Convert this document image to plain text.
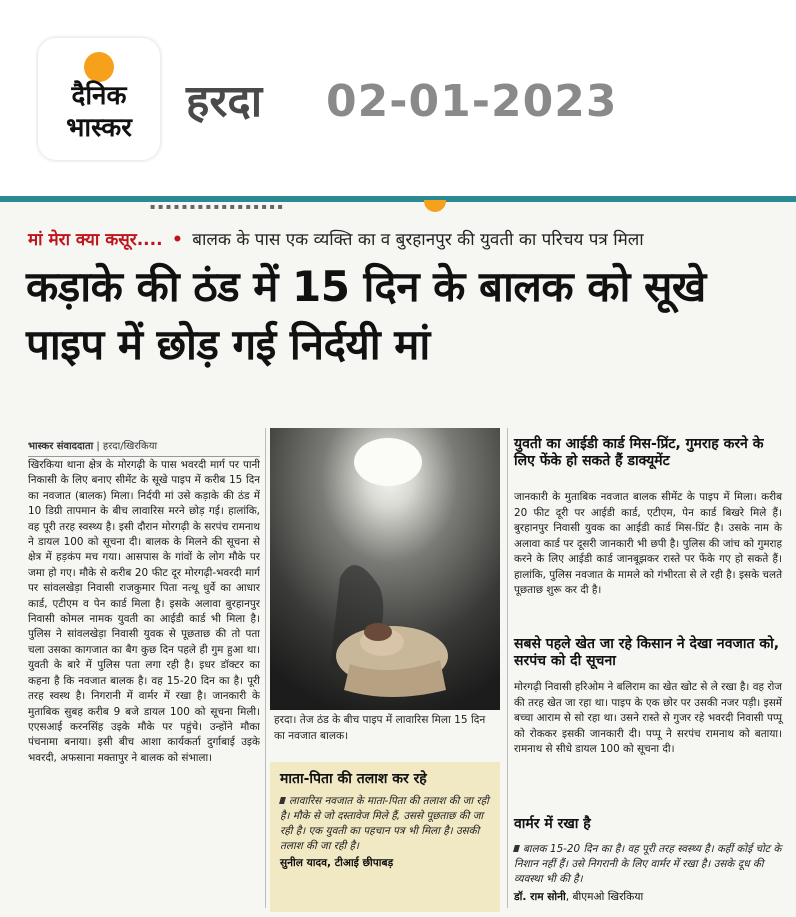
दैनिक
भास्कर
हरदा 02-01-2023
▪ ▪ ▪ ▪ ▪ ▪ ▪ ▪ ▪ ▪ ▪ ▪ ▪ ▪ ▪ ▪ ▪
मां मेरा क्या कसूर.... • बालक के पास एक व्यक्ति का व बुरहानपुर की युवती का परिचय पत्र मिला
कड़ाके की ठंड में 15 दिन के बालक को सूखे पाइप में छोड़ गई निर्दयी मां
भास्कर संवाददाता | हरदा/खिरकिया
खिरकिया थाना क्षेत्र के मोरगढ़ी के पास भवरदी मार्ग पर पानी निकासी के लिए बनाए सीमेंट के सूखे पाइप में करीब 15 दिन का नवजात (बालक) मिला। निर्दयी मां उसे कड़ाके की ठंड में 10 डिग्री तापमान के बीच लावारिस मरने छोड़ गई। हालांकि, वह पूरी तरह स्वस्थ्य है। इसी दौरान मोरगढ़ी के सरपंच रामनाथ ने डायल 100 को सूचना दी। बालक के मिलने की सूचना से क्षेत्र में हड़कंप मच गया। आसपास के गांवों के लोग मौके पर जमा हो गए। मौके से करीब 20 फीट दूर मोरगढ़ी-भवरदी मार्ग पर सांवलखेड़ा निवासी राजकुमार पिता नत्थू धुर्वे का आधार कार्ड, एटीएम व पेन कार्ड मिला है। इसके अलावा बुरहानपुर निवासी कोमल नामक युवती का आईडी कार्ड भी मिला है। पुलिस ने सांवलखेड़ा निवासी युवक से पूछताछ की तो पता चला उसका कागजात का बैग कुछ दिन पहले ही गुम हुआ था। युवती के बारे में पुलिस पता लगा रही है। इधर डॉक्टर का कहना है कि नवजात बालक है। वह 15-20 दिन का है। पूरी तरह स्वस्थ है। निगरानी में वार्मर में रखा है। जानकारी के मुताबिक सुबह करीब 9 बजे डायल 100 को सूचना मिली। एएसआई करनसिंह उइके मौके पर पहुंचे। उन्होंने मौका पंचनामा बनाया। इसी बीच आशा कार्यकर्ता दुर्गाबाई उइके भवरदी, अफसाना मक्तापुर ने बालक को संभाला।
हरदा। तेज ठंड के बीच पाइप में लावारिस मिला 15 दिन का नवजात बालक।
माता-पिता की तलाश कर रहे
लावारिस नवजात के माता-पिता की तलाश की जा रही है। मौके से जो दस्तावेज मिले हैं, उससे पूछताछ की जा रही है। एक युवती का पहचान पत्र भी मिला है। उसकी तलाश की जा रही है।
सुनील यादव, टीआई छीपाबड़
युवती का आईडी कार्ड मिस-प्रिंट, गुमराह करने के लिए फेंके हो सकते हैं डाक्यूमेंट
जानकारी के मुताबिक नवजात बालक सीमेंट के पाइप में मिला। करीब 20 फीट दूरी पर आईडी कार्ड, एटीएम, पेन कार्ड बिखरे मिले हैं। बुरहानपुर निवासी युवक का आईडी कार्ड मिस-प्रिंट है। उसके नाम के अलावा कार्ड पर दूसरी जानकारी भी छपी है। पुलिस की जांच को गुमराह करने के लिए आईडी कार्ड जानबूझकर रास्ते पर फेंके गए हो सकते हैं। हालांकि, पुलिस नवजात के मामले को गंभीरता से ले रही है। इसके चलते पूछताछ शुरू कर दी है।
सबसे पहले खेत जा रहे किसान ने देखा नवजात को, सरपंच को दी सूचना
मोरगढ़ी निवासी हरिओम ने बलिराम का खेत खोट से ले रखा है। वह रोज की तरह खेत जा रहा था। पाइप के एक छोर पर उसकी नजर पड़ी। इसमें बच्चा आराम से सो रहा था। उसने रास्ते से गुजर रहे भवरदी निवासी पप्पू को रोककर इसकी जानकारी दी। पप्पू ने सरपंच रामनाथ को बताया। रामनाथ से सीधे डायल 100 को सूचना दी।
वार्मर में रखा है
बालक 15-20 दिन का है। वह पूरी तरह स्वस्थ्य है। कहीं कोई चोट के निशान नहीं हैं। उसे निगरानी के लिए वार्मर में रखा है। उसके दूध की व्यवस्था भी की है।
डॉ. राम सोनी, बीएमओ खिरकिया
